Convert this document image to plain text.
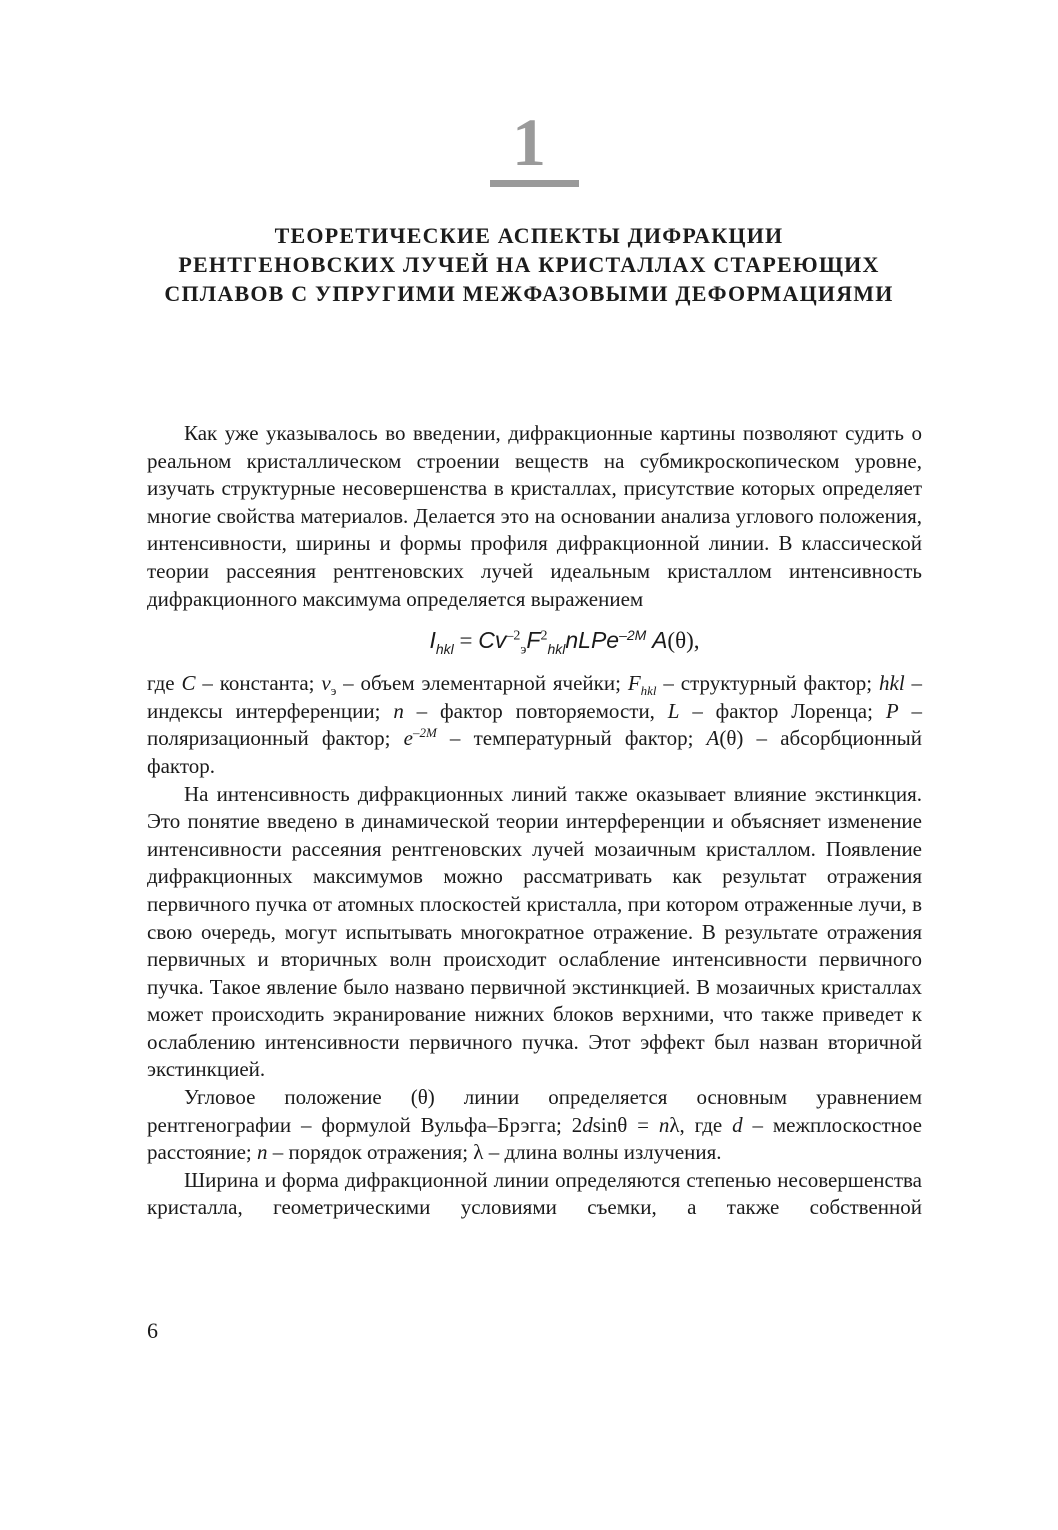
1

ТЕОРЕТИЧЕСКИЕ АСПЕКТЫ ДИФРАКЦИИ
РЕНТГЕНОВСКИХ ЛУЧЕЙ НА КРИСТАЛЛАХ СТАРЕЮЩИХ
СПЛАВОВ С УПРУГИМИ МЕЖФАЗОВЫМИ ДЕФОРМАЦИЯМИ

Как уже указывалось во введении, дифракционные картины позволяют судить о реальном кристаллическом строении веществ на субмикроскопическом уровне, изучать структурные несовершенства в кристаллах, присутствие которых определяет многие свойства материалов. Делается это на основании анализа углового положения, интенсивности, ширины и формы профиля дифракционной линии. В классической теории рассеяния рентгеновских лучей идеальным кристаллом интенсивность дифракционного максимума определяется выражением

$I_{hkl}$ = $Cv^{-2}_эF^2_{hkl}nLPe^{-2M}$ A(θ),

где C – константа; $v_э$ – объем элементарной ячейки; $F_{hkl}$ – структурный фактор; hkl – индексы интерференции; n – фактор повторяемости, L – фактор Лоренца; P – поляризационный фактор; $e^{-2M}$ – температурный фактор; A(θ) – абсорбционный фактор.

На интенсивность дифракционных линий также оказывает влияние экстинкция. Это понятие введено в динамической теории интерференции и объясняет изменение интенсивности рассеяния рентгеновских лучей мозаичным кристаллом. Появление дифракционных максимумов можно рассматривать как результат отражения первичного пучка от атомных плоскостей кристалла, при котором отраженные лучи, в свою очередь, могут испытывать многократное отражение. В результате отражения первичных и вторичных волн происходит ослабление интенсивности первичного пучка. Такое явление было названо первичной экстинкцией. В мозаичных кристаллах может происходить экранирование нижних блоков верхними, что также приведет к ослаблению интенсивности первичного пучка. Этот эффект был назван вторичной экстинкцией.

Угловое положение (θ) линии определяется основным уравнением рентгенографии – формулой Вульфа–Брэгга; 2dsinθ = nλ, где d – межплоскостное расстояние; n – порядок отражения; λ – длина волны излучения.

Ширина и форма дифракционной линии определяются степенью несовершенства кристалла, геометрическими условиями съемки, а также собственной

6
